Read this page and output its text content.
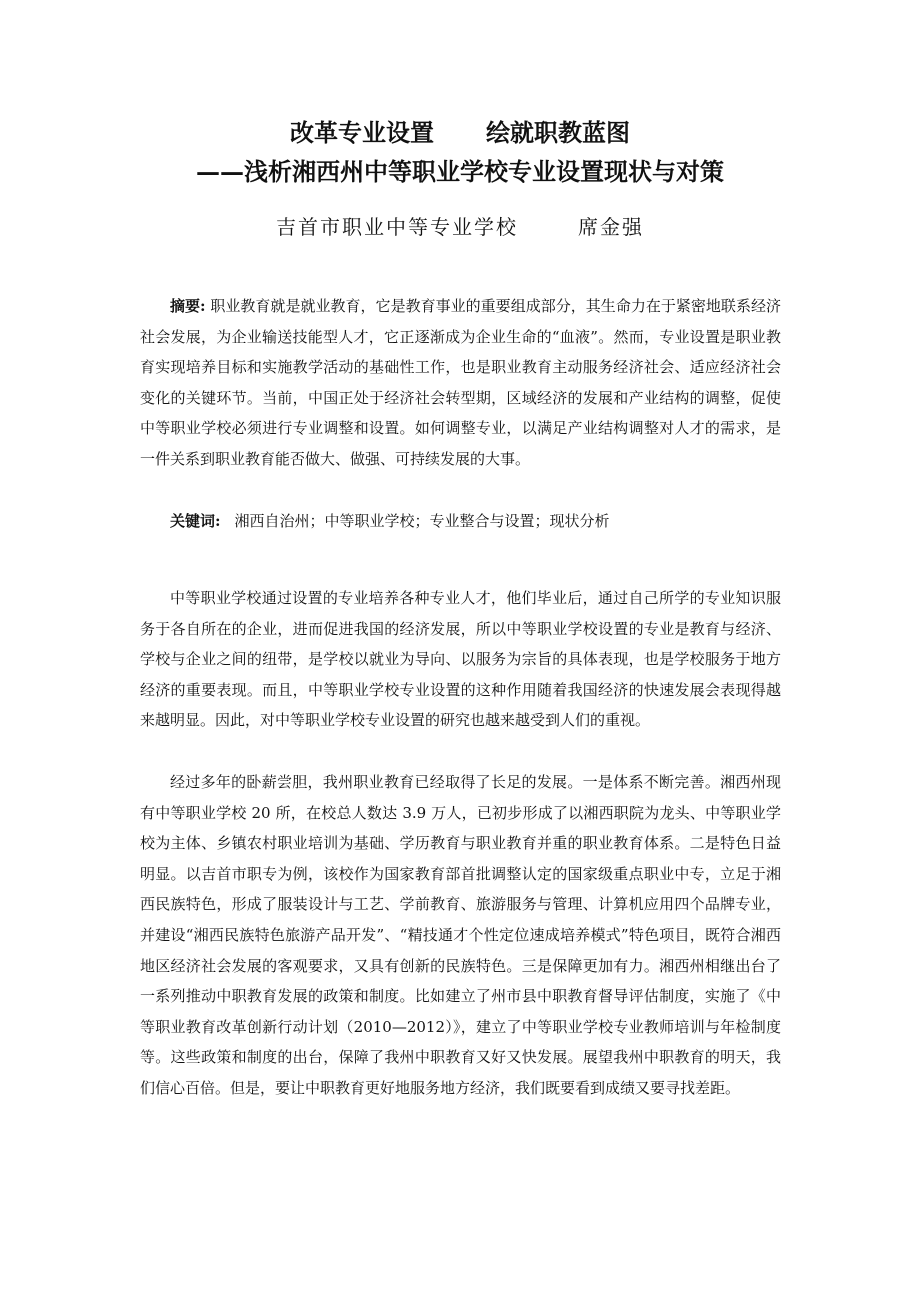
改革专业设置 绘就职教蓝图
——浅析湘西州中等职业学校专业设置现状与对策

吉首市职业中等专业学校	席金强

摘要: 职业教育就是就业教育，它是教育事业的重要组成部分，其生命力在于紧密地联系经济社会发展，为企业输送技能型人才，它正逐渐成为企业生命的“血液”。然而，专业设置是职业教育实现培养目标和实施教学活动的基础性工作，也是职业教育主动服务经济社会、适应经济社会变化的关键环节。当前，中国正处于经济社会转型期，区域经济的发展和产业结构的调整，促使中等职业学校必须进行专业调整和设置。如何调整专业，以满足产业结构调整对人才的需求，是一件关系到职业教育能否做大、做强、可持续发展的大事。

关键词: 湘西自治州；中等职业学校；专业整合与设置；现状分析

中等职业学校通过设置的专业培养各种专业人才，他们毕业后，通过自己所学的专业知识服务于各自所在的企业，进而促进我国的经济发展，所以中等职业学校设置的专业是教育与经济、学校与企业之间的纽带，是学校以就业为导向、以服务为宗旨的具体表现，也是学校服务于地方经济的重要表现。而且，中等职业学校专业设置的这种作用随着我国经济的快速发展会表现得越来越明显。因此，对中等职业学校专业设置的研究也越来越受到人们的重视。

经过多年的卧薪尝胆，我州职业教育已经取得了长足的发展。一是体系不断完善。湘西州现有中等职业学校 20 所，在校总人数达 3.9 万人，已初步形成了以湘西职院为龙头、中等职业学校为主体、乡镇农村职业培训为基础、学历教育与职业教育并重的职业教育体系。二是特色日益明显。以吉首市职专为例，该校作为国家教育部首批调整认定的国家级重点职业中专，立足于湘西民族特色，形成了服装设计与工艺、学前教育、旅游服务与管理、计算机应用四个品牌专业，并建设“湘西民族特色旅游产品开发”、“精技通才个性定位速成培养模式”特色项目，既符合湘西地区经济社会发展的客观要求，又具有创新的民族特色。三是保障更加有力。湘西州相继出台了一系列推动中职教育发展的政策和制度。比如建立了州市县中职教育督导评估制度，实施了《中等职业教育改革创新行动计划（2010—2012）》，建立了中等职业学校专业教师培训与年检制度等。这些政策和制度的出台，保障了我州中职教育又好又快发展。展望我州中职教育的明天，我们信心百倍。但是，要让中职教育更好地服务地方经济，我们既要看到成绩又要寻找差距。
